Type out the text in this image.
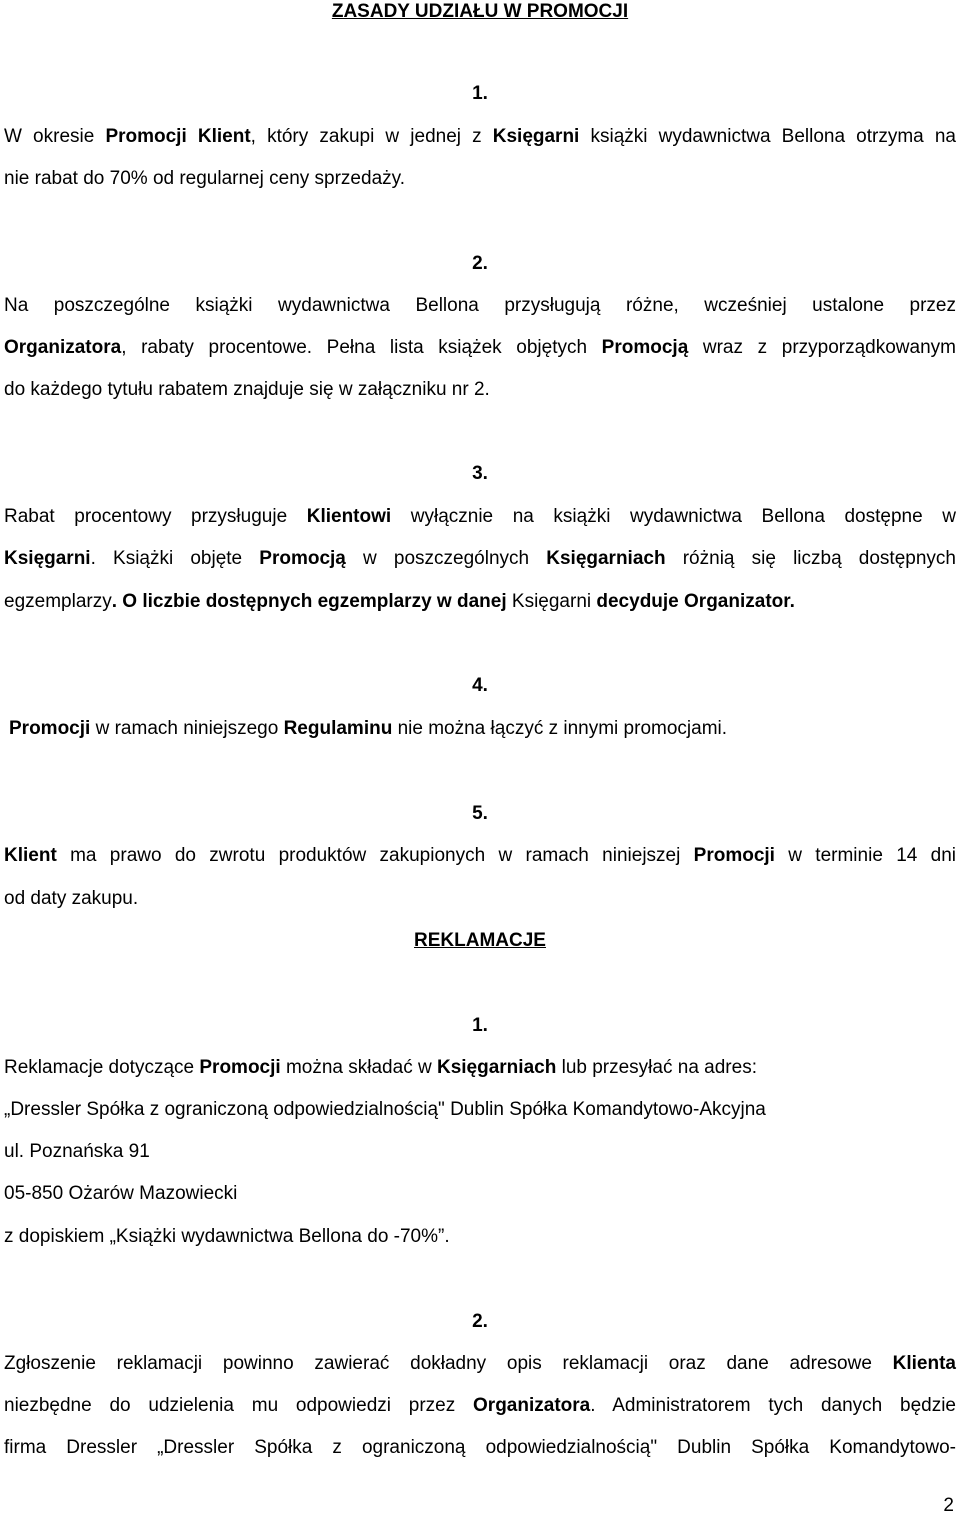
ZASADY UDZIAŁU W PROMOCJI
1.
W okresie Promocji Klient, który zakupi w jednej z Księgarni książki wydawnictwa Bellona otrzyma na
nie rabat do 70% od regularnej ceny sprzedaży.
2.
Na poszczególne książki wydawnictwa Bellona przysługują różne, wcześniej ustalone przez
Organizatora, rabaty procentowe. Pełna lista książek objętych Promocją wraz z przyporządkowanym
do każdego tytułu rabatem znajduje się w załączniku nr 2.
3.
Rabat procentowy przysługuje Klientowi wyłącznie na książki wydawnictwa Bellona dostępne w
Księgarni. Książki objęte Promocją w poszczególnych Księgarniach różnią się liczbą dostępnych
egzemplarzy. O liczbie dostępnych egzemplarzy w danej Księgarni decyduje Organizator.
4.
Promocji w ramach niniejszego Regulaminu nie można łączyć z innymi promocjami.
5.
Klient ma prawo do zwrotu produktów zakupionych w ramach niniejszej Promocji w terminie 14 dni
od daty zakupu.
REKLAMACJE
1.
Reklamacje dotyczące Promocji można składać w Księgarniach lub przesyłać na adres:
„Dressler Spółka z ograniczoną odpowiedzialnością" Dublin Spółka Komandytowo-Akcyjna
ul. Poznańska 91
05-850 Ożarów Mazowiecki
z dopiskiem „Książki wydawnictwa Bellona do -70%”.
2.
Zgłoszenie reklamacji powinno zawierać dokładny opis reklamacji oraz dane adresowe Klienta
niezbędne do udzielenia mu odpowiedzi przez Organizatora. Administratorem tych danych będzie
firma Dressler „Dressler Spółka z ograniczoną odpowiedzialnością" Dublin Spółka Komandytowo-
2
